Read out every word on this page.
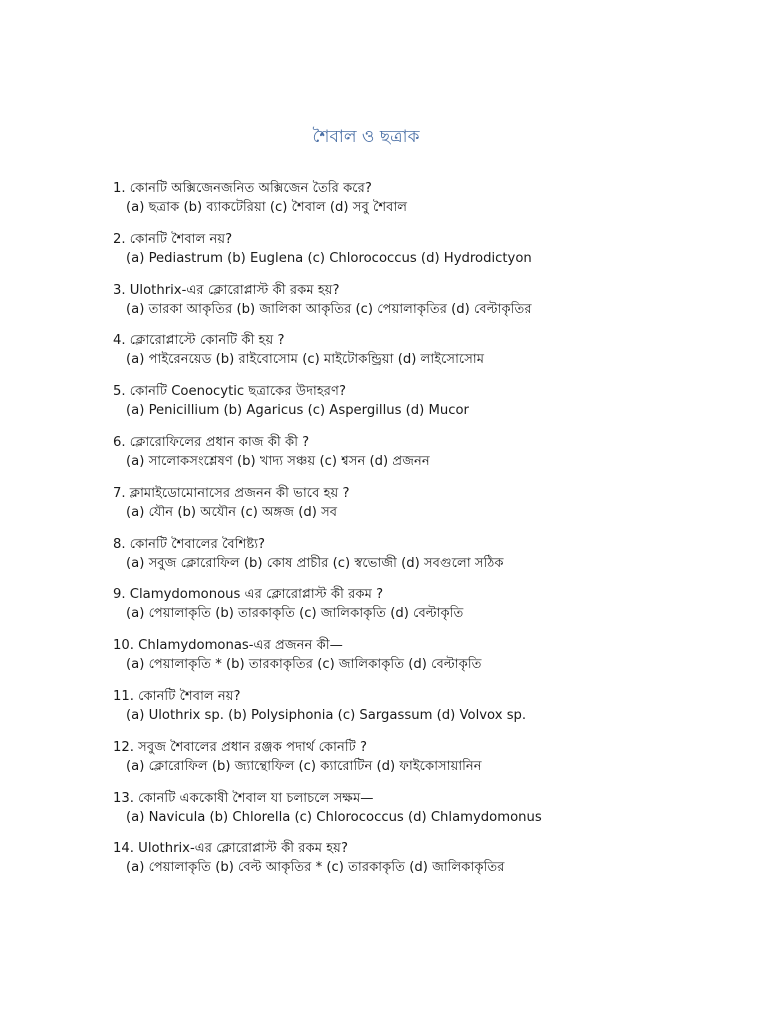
শৈবাল ও ছত্রাক
1. কোনটি অক্সিজেনজনিত অক্সিজেন তৈরি করে?
(a) ছত্রাক (b) ব্যাকটেরিয়া (c) শৈবাল (d) সবু শৈবাল
2. কোনটি শৈবাল নয়?
(a) Pediastrum (b) Euglena (c) Chlorococcus (d) Hydrodictyon
3. Ulothrix-এর ক্লোরোপ্লাস্ট কী রকম হয়?
(a) তারকা আকৃতির (b) জালিকা আকৃতির (c) পেয়ালাকৃতির (d) বেল্টাকৃতির
4. ক্লোরোপ্লাস্টে কোনটি কী হয় ?
(a) পাইরেনয়েড (b) রাইবোসোম (c) মাইটোকন্ড্রিয়া (d) লাইসোসোম
5. কোনটি Coenocytic ছত্রাকের উদাহরণ?
(a) Penicillium (b) Agaricus (c) Aspergillus (d) Mucor
6. ক্লোরোফিলের প্রধান কাজ কী কী ?
(a) সালোকসংশ্লেষণ (b) খাদ্য সঞ্চয় (c) শ্বসন (d) প্রজনন
7. ক্লামাইডোমোনাসের প্রজনন কী ভাবে হয় ?
(a) যৌন (b) অযৌন (c) অঙ্গজ (d) সব
8. কোনটি শৈবালের বৈশিষ্ট্য?
(a) সবুজ ক্লোরোফিল (b) কোষ প্রাচীর (c) স্বভোজী (d) সবগুলো সঠিক
9. Clamydomonous এর ক্লোরোপ্লাস্ট কী রকম ?
(a) পেয়ালাকৃতি (b) তারকাকৃতি (c) জালিকাকৃতি (d) বেল্টাকৃতি
10. Chlamydomonas-এর প্রজনন কী—
(a) পেয়ালাকৃতি * (b) তারকাকৃতির (c) জালিকাকৃতি (d) বেল্টাকৃতি
11. কোনটি শৈবাল নয়?
(a) Ulothrix sp. (b) Polysiphonia (c) Sargassum (d) Volvox sp.
12. সবুজ শৈবালের প্রধান রঞ্জক পদার্থ কোনটি ?
(a) ক্লোরোফিল (b) জ্যান্থোফিল (c) ক্যারোটিন (d) ফাইকোসায়ানিন
13. কোনটি এককোষী শৈবাল যা চলাচলে সক্ষম—
(a) Navicula (b) Chlorella (c) Chlorococcus (d) Chlamydomonus
14. Ulothrix-এর ক্লোরোপ্লাস্ট কী রকম হয়?
(a) পেয়ালাকৃতি (b) বেল্ট আকৃতির * (c) তারকাকৃতি (d) জালিকাকৃতির
